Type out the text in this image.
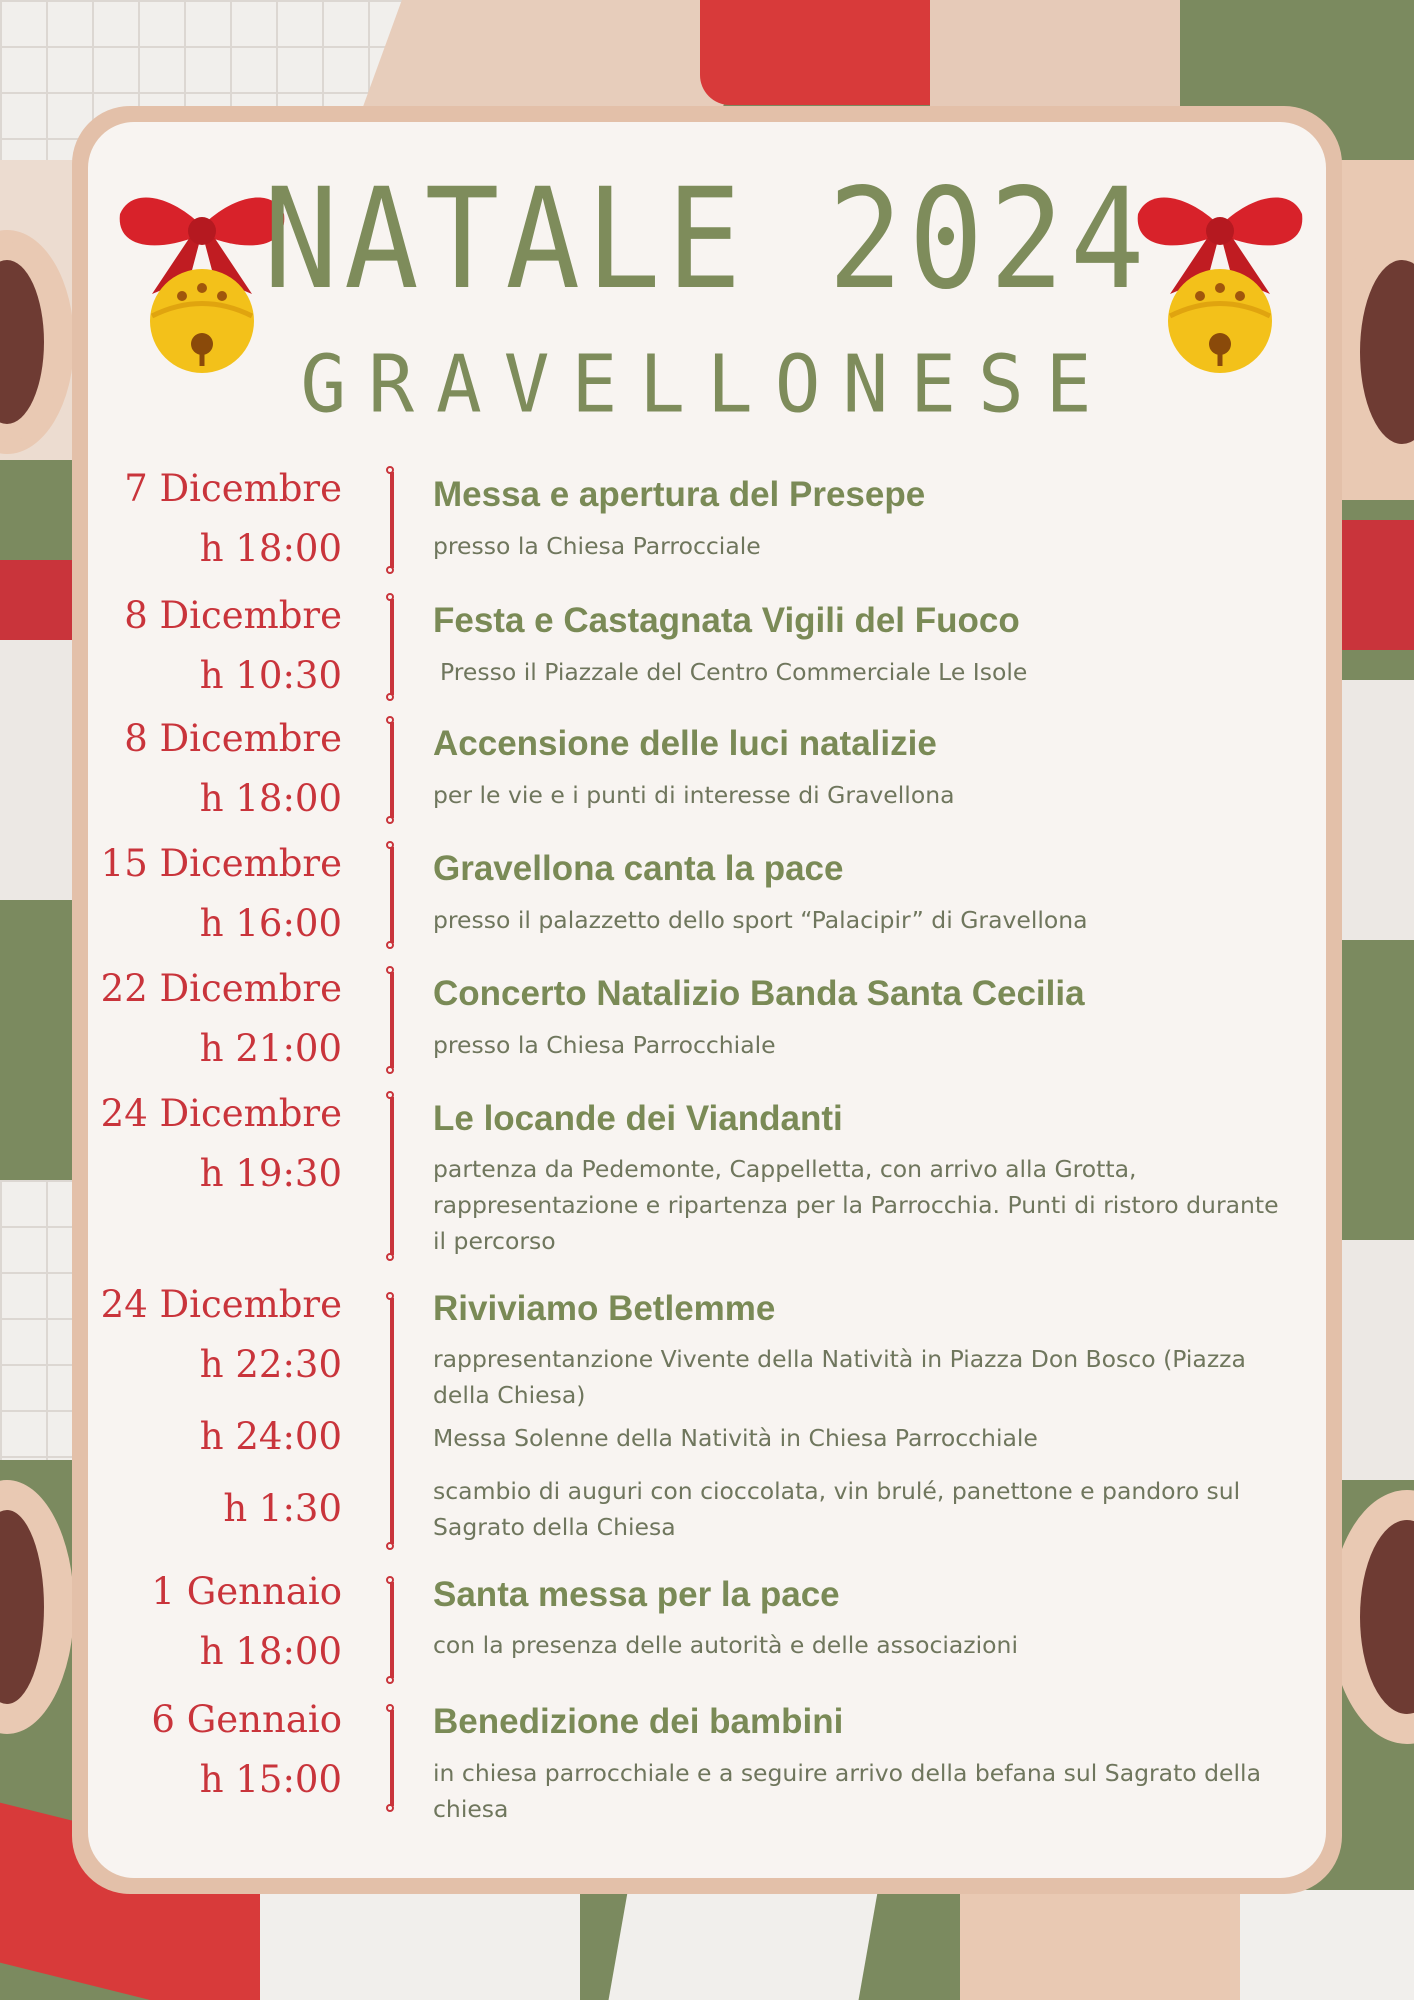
NATALE 2024
GRAVELLONESE
7 Dicembre
h 18:00
Messa e apertura del Presepe
presso la Chiesa Parrocciale
8 Dicembre
h 10:30
Festa e Castagnata Vigili del Fuoco
Presso il Piazzale del Centro Commerciale Le Isole
8 Dicembre
h 18:00
Accensione delle luci natalizie
per le vie e i punti di interesse di Gravellona
15 Dicembre
h 16:00
Gravellona canta la pace
presso il palazzetto dello sport “Palacipir” di Gravellona
22 Dicembre
h 21:00
Concerto Natalizio Banda Santa Cecilia
presso la Chiesa Parrocchiale
24 Dicembre
h 19:30
Le locande dei Viandanti
partenza da Pedemonte, Cappelletta, con arrivo alla Grotta, rappresentazione e ripartenza per la Parrocchia. Punti di ristoro durante il percorso
24 Dicembre
h 22:30
h 24:00
h 1:30
Riviviamo Betlemme
rappresentanzione Vivente della Natività in Piazza Don Bosco (Piazza della Chiesa)
Messa Solenne della Natività in Chiesa Parrocchiale
scambio di auguri con cioccolata, vin brulé, panettone e pandoro sul Sagrato della Chiesa
1 Gennaio
h 18:00
Santa messa per la pace
con la presenza delle autorità e delle associazioni
6 Gennaio
h 15:00
Benedizione dei bambini
in chiesa parrocchiale e a seguire arrivo della befana sul Sagrato della chiesa
